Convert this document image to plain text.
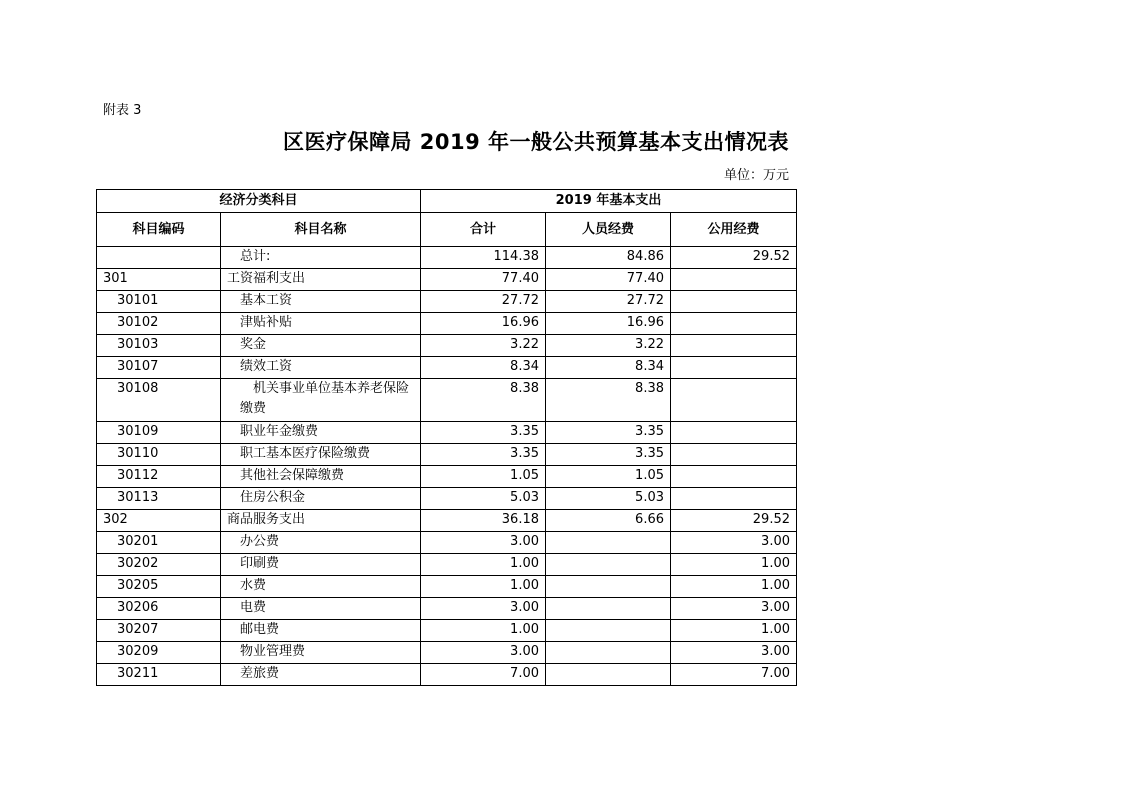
附表 3
区医疗保障局 2019 年一般公共预算基本支出情况表
单位：万元
经济分类科目		2019 年基本支出		
科目编码	科目名称	合计	人员经费	公用经费
	总计:	114.38	84.86	29.52
301	工资福利支出	77.40	77.40	
30101	基本工资	27.72	27.72	
30102	津贴补贴	16.96	16.96	
30103	奖金	3.22	3.22	
30107	绩效工资	8.34	8.34	
30108	机关事业单位基本养老保险缴费	8.38	8.38	
30109	职业年金缴费	3.35	3.35	
30110	职工基本医疗保险缴费	3.35	3.35	
30112	其他社会保障缴费	1.05	1.05	
30113	住房公积金	5.03	5.03	
302	商品服务支出	36.18	6.66	29.52
30201	办公费	3.00		3.00
30202	印刷费	1.00		1.00
30205	水费	1.00		1.00
30206	电费	3.00		3.00
30207	邮电费	1.00		1.00
30209	物业管理费	3.00		3.00
30211	差旅费	7.00		7.00
